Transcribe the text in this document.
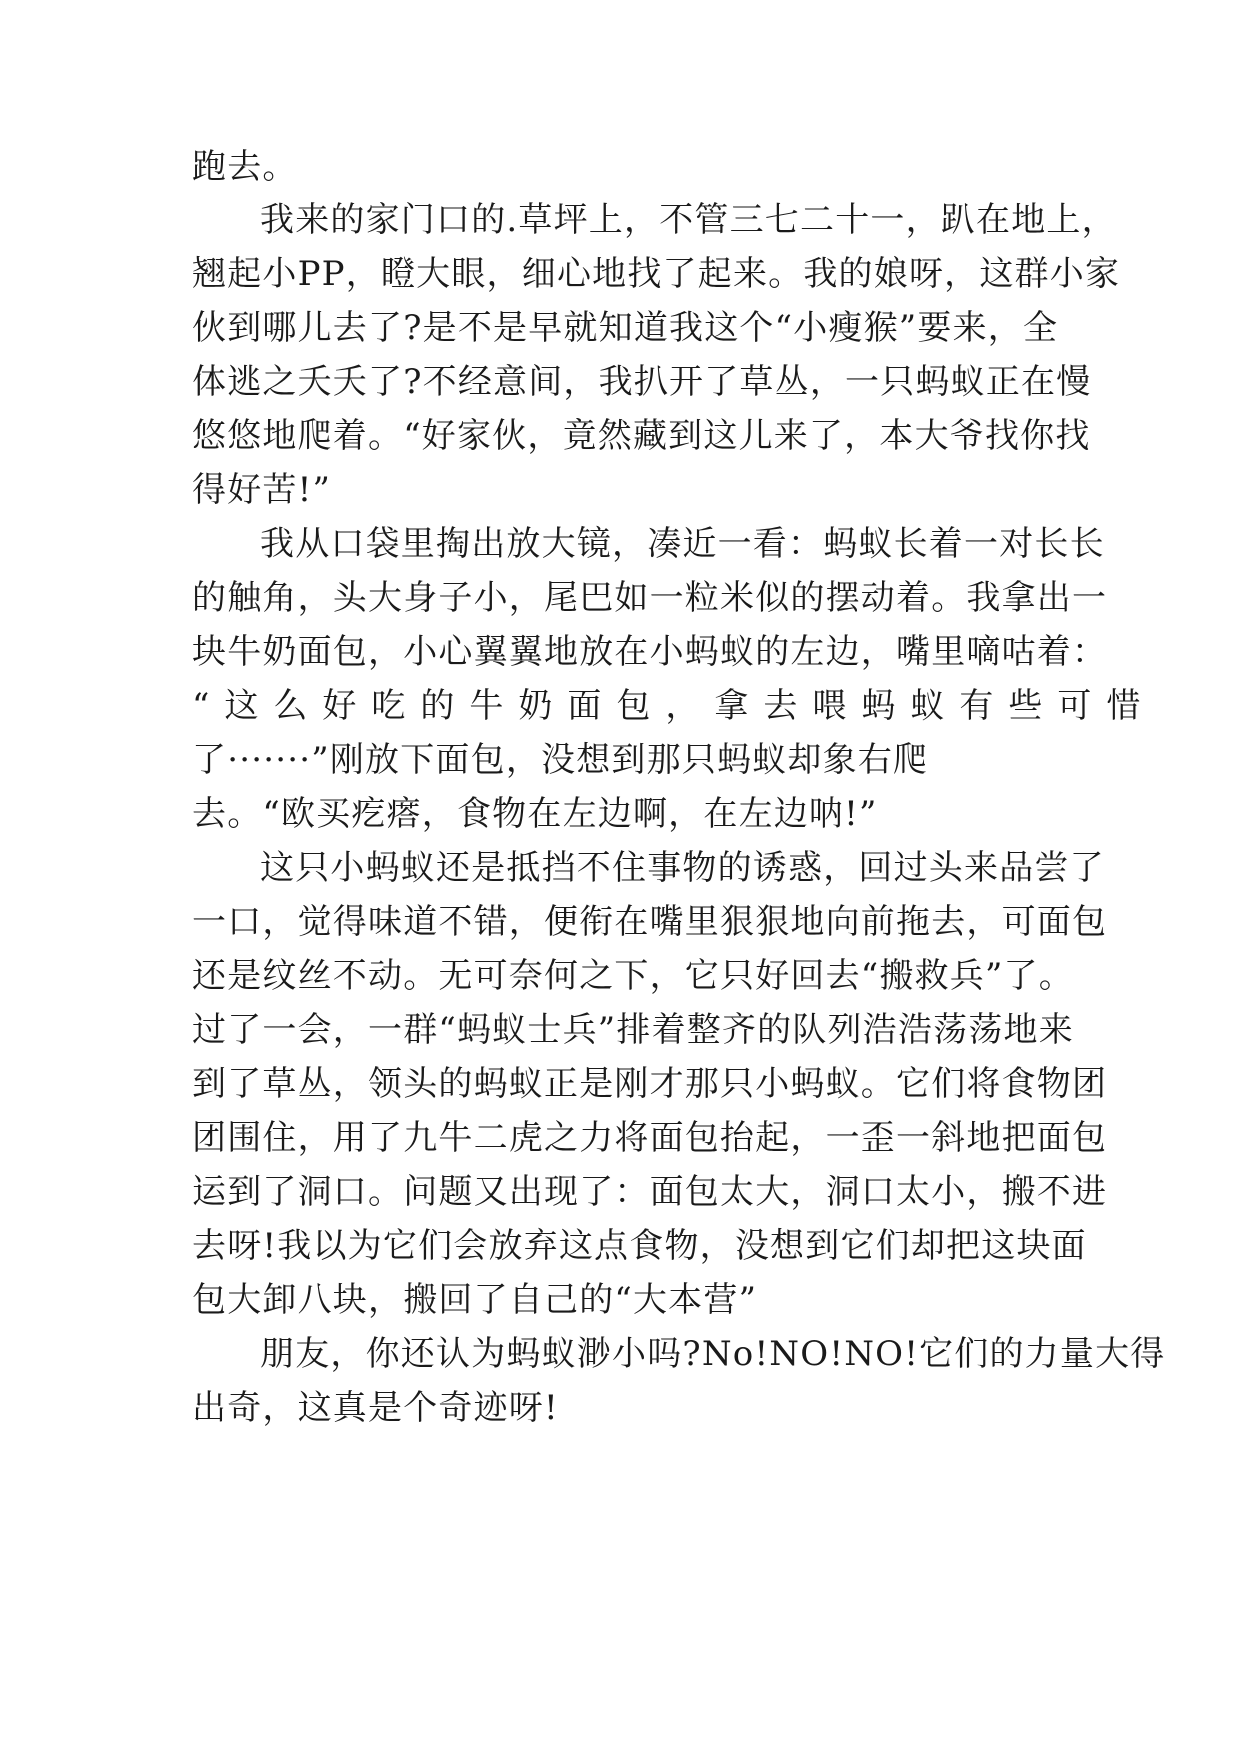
跑去。
我来的家门口的.草坪上，不管三七二十一，趴在地上，
翘起小PP，瞪大眼，细心地找了起来。我的娘呀，这群小家
伙到哪儿去了?是不是早就知道我这个“小瘦猴”要来，全
体逃之夭夭了?不经意间，我扒开了草丛，一只蚂蚁正在慢
悠悠地爬着。“好家伙，竟然藏到这儿来了，本大爷找你找
得好苦!”
我从口袋里掏出放大镜，凑近一看：蚂蚁长着一对长长
的触角，头大身子小，尾巴如一粒米似的摆动着。我拿出一
块牛奶面包，小心翼翼地放在小蚂蚁的左边，嘴里嘀咕着：
“这么好吃的牛奶面包，拿去喂蚂蚁有些可惜
了·······”刚放下面包，没想到那只蚂蚁却象右爬
去。“欧买疙瘩，食物在左边啊，在左边呐!”
这只小蚂蚁还是抵挡不住事物的诱惑，回过头来品尝了
一口，觉得味道不错，便衔在嘴里狠狠地向前拖去，可面包
还是纹丝不动。无可奈何之下，它只好回去“搬救兵”了。
过了一会，一群“蚂蚁士兵”排着整齐的队列浩浩荡荡地来
到了草丛，领头的蚂蚁正是刚才那只小蚂蚁。它们将食物团
团围住，用了九牛二虎之力将面包抬起，一歪一斜地把面包
运到了洞口。问题又出现了：面包太大，洞口太小，搬不进
去呀!我以为它们会放弃这点食物，没想到它们却把这块面
包大卸八块，搬回了自己的“大本营”
朋友，你还认为蚂蚁渺小吗?No!NO!NO!它们的力量大得
出奇，这真是个奇迹呀!
